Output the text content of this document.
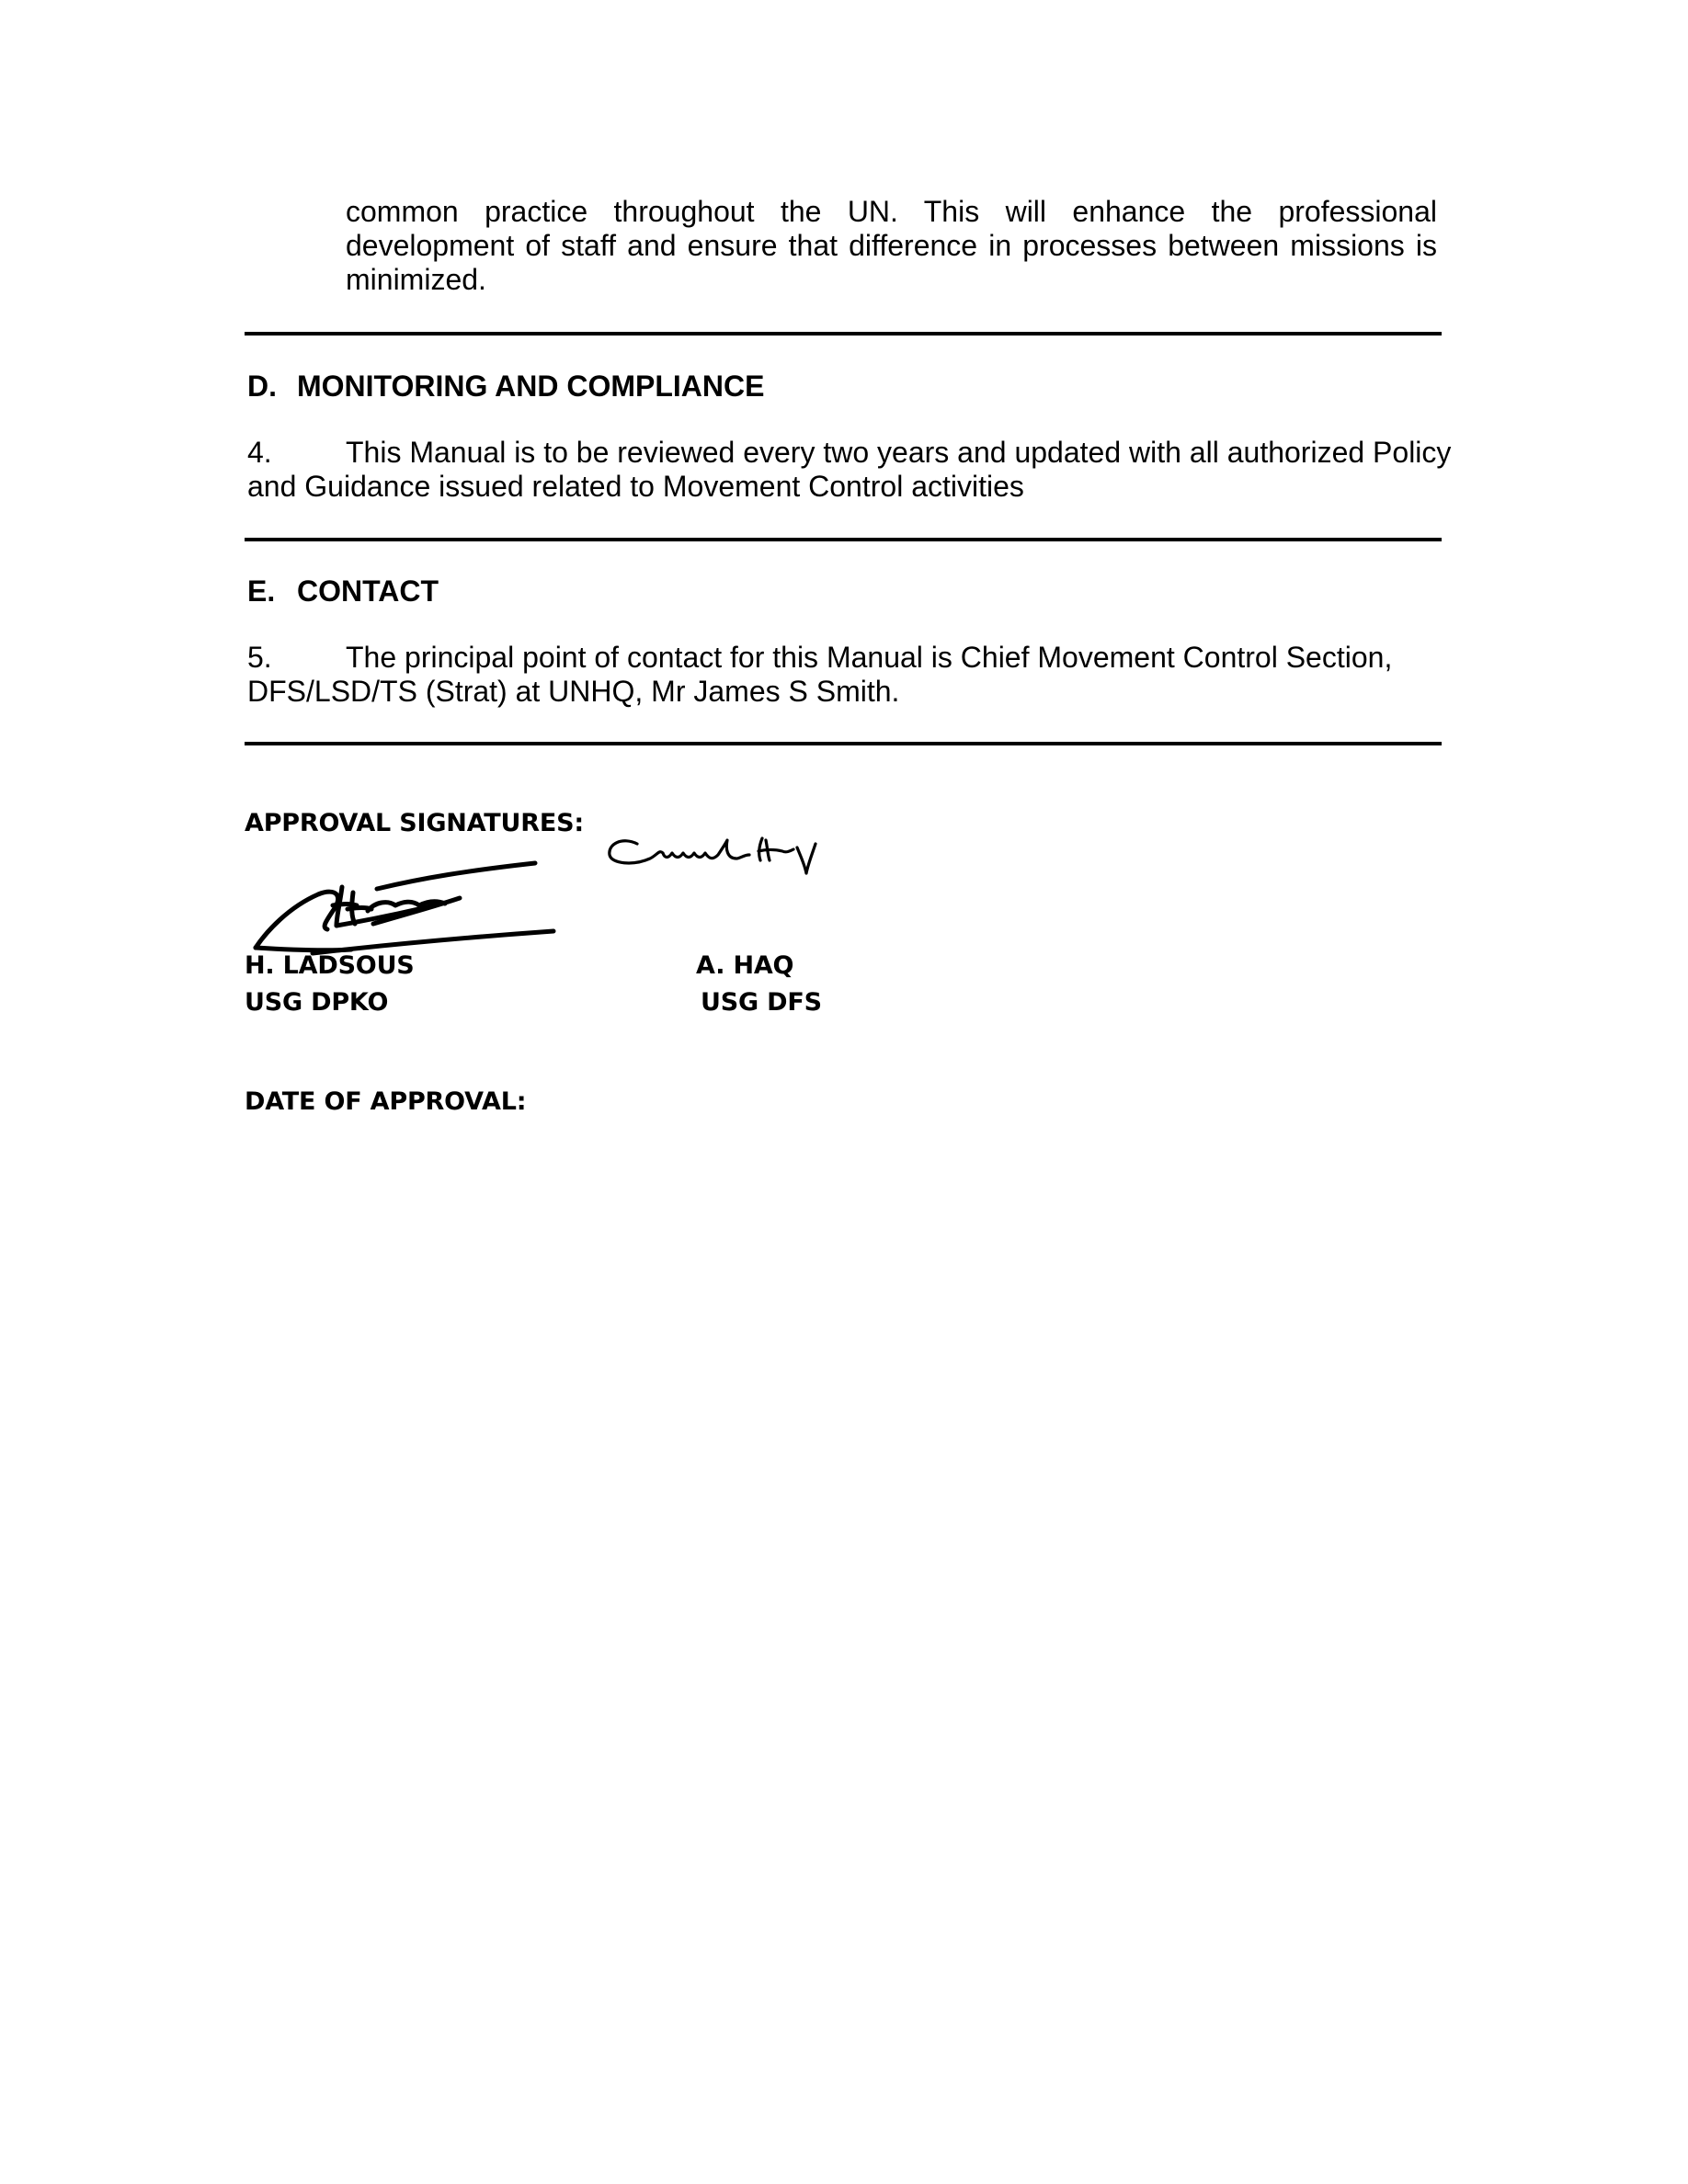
common practice throughout the UN. This will enhance the professional development of staff and ensure that difference in processes between missions is minimized.
D. MONITORING AND COMPLIANCE
4.	This Manual is to be reviewed every two years and updated with all authorized Policy
and Guidance issued related to Movement Control activities
E. CONTACT
5.	The principal point of contact for this Manual is Chief Movement Control Section,
DFS/LSD/TS (Strat) at UNHQ, Mr James S Smith.
APPROVAL SIGNATURES:
H. LADSOUS
USG DPKO
A. HAQ
USG DFS
DATE OF APPROVAL:
